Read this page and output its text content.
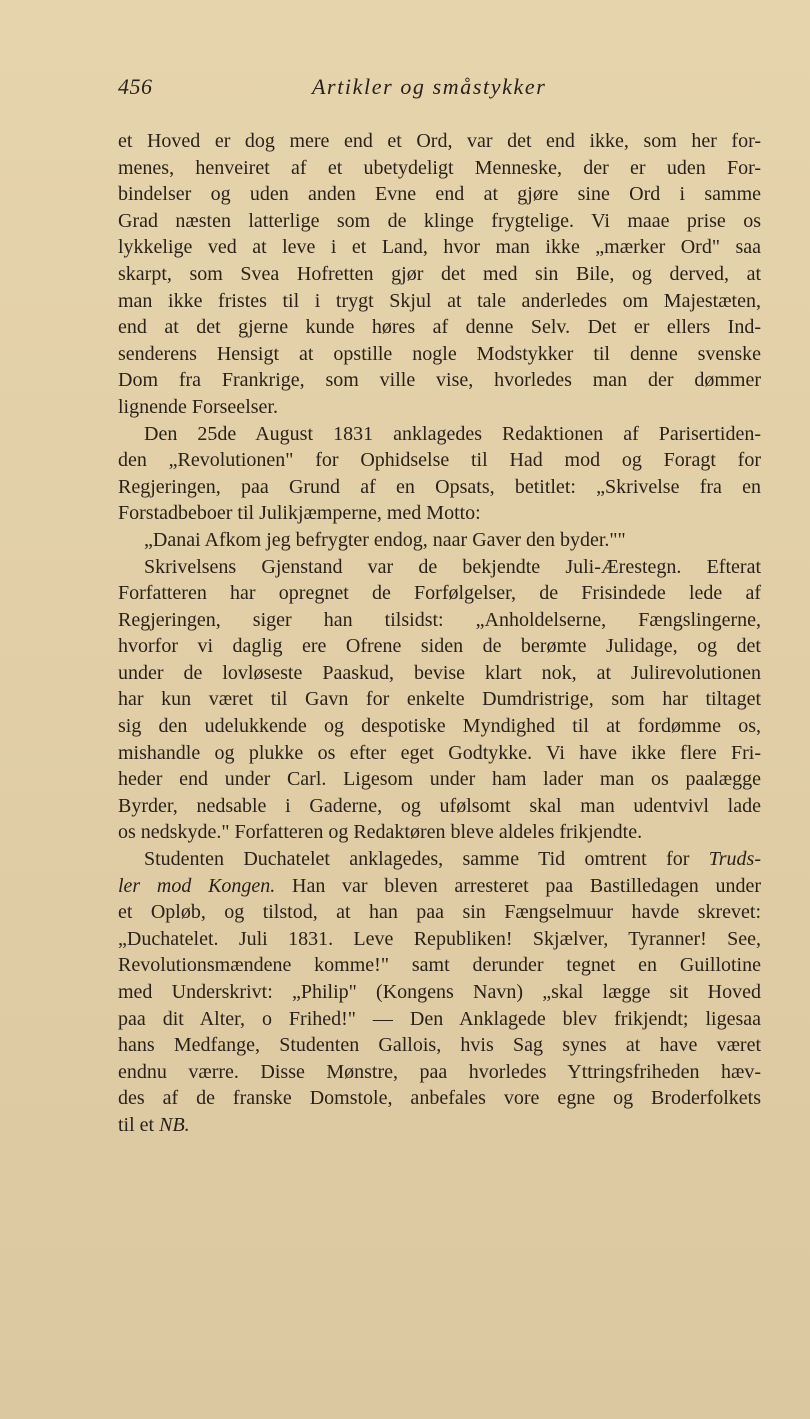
456	Artikler og småstykker
et Hoved er dog mere end et Ord, var det end ikke, som her for-
menes, henveiret af et ubetydeligt Menneske, der er uden For-
bindelser og uden anden Evne end at gjøre sine Ord i samme
Grad næsten latterlige som de klinge frygtelige. Vi maae prise os
lykkelige ved at leve i et Land, hvor man ikke „mærker Ord" saa
skarpt, som Svea Hofretten gjør det med sin Bile, og derved, at
man ikke fristes til i trygt Skjul at tale anderledes om Majestæten,
end at det gjerne kunde høres af denne Selv. Det er ellers Ind-
senderens Hensigt at opstille nogle Modstykker til denne svenske
Dom fra Frankrige, som ville vise, hvorledes man der dømmer
lignende Forseelser.
Den 25de August 1831 anklagedes Redaktionen af Parisertiden-
den „Revolutionen" for Ophidselse til Had mod og Foragt for
Regjeringen, paa Grund af en Opsats, betitlet: „Skrivelse fra en
Forstadbeboer til Julikjæmperne, med Motto:
„Danai Afkom jeg befrygter endog, naar Gaver den byder.""
Skrivelsens Gjenstand var de bekjendte Juli-Ærestegn. Efterat
Forfatteren har opregnet de Forfølgelser, de Frisindede lede af
Regjeringen, siger han tilsidst: „Anholdelserne, Fængslingerne,
hvorfor vi daglig ere Ofrene siden de berømte Julidage, og det
under de lovløseste Paaskud, bevise klart nok, at Julirevolutionen
har kun været til Gavn for enkelte Dumdristrige, som har tiltaget
sig den udelukkende og despotiske Myndighed til at fordømme os,
mishandle og plukke os efter eget Godtykke. Vi have ikke flere Fri-
heder end under Carl. Ligesom under ham lader man os paalægge
Byrder, nedsable i Gaderne, og ufølsomt skal man udentvivl lade
os nedskyde." Forfatteren og Redaktøren bleve aldeles frikjendte.
Studenten Duchatelet anklagedes, samme Tid omtrent for Truds-
ler mod Kongen. Han var bleven arresteret paa Bastilledagen under
et Opløb, og tilstod, at han paa sin Fængselmuur havde skrevet:
„Duchatelet. Juli 1831. Leve Republiken! Skjælver, Tyranner! See,
Revolutionsmændene komme!" samt derunder tegnet en Guillotine
med Underskrivt: „Philip" (Kongens Navn) „skal lægge sit Hoved
paa dit Alter, o Frihed!" — Den Anklagede blev frikjendt; ligesaa
hans Medfange, Studenten Gallois, hvis Sag synes at have været
endnu værre. Disse Mønstre, paa hvorledes Yttringsfriheden hæv-
des af de franske Domstole, anbefales vore egne og Broderfolkets
til et NB.
